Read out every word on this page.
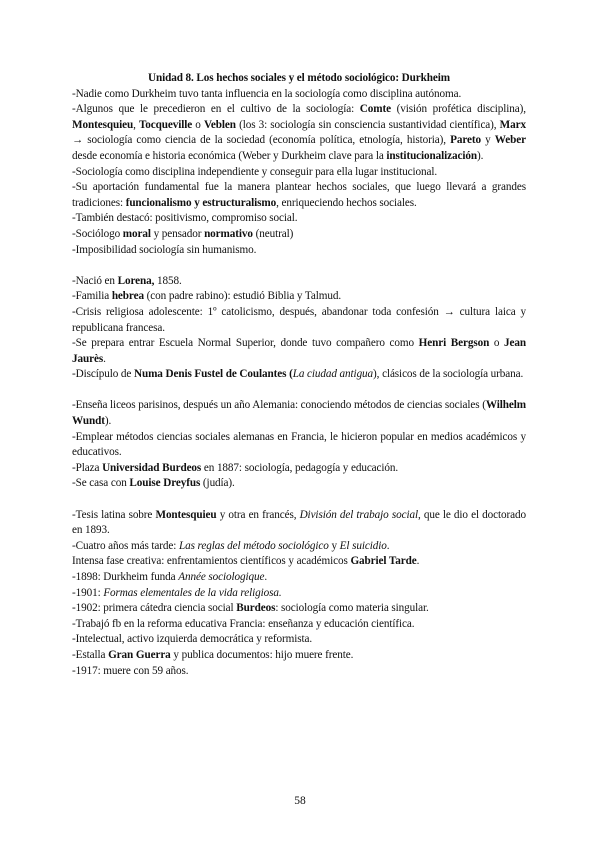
Unidad 8. Los hechos sociales y el método sociológico: Durkheim

-Nadie como Durkheim tuvo tanta influencia en la sociología como disciplina autónoma.

-Algunos que le precedieron en el cultivo de la sociología: Comte (visión profética disciplina), Montesquieu, Tocqueville o Veblen (los 3: sociología sin consciencia sustantividad científica), Marx → sociología como ciencia de la sociedad (economía política, etnología, historia), Pareto y Weber desde economía e historia económica (Weber y Durkheim clave para la institucionalización).

-Sociología como disciplina independiente y conseguir para ella lugar institucional.

-Su aportación fundamental fue la manera plantear hechos sociales, que luego llevará a grandes tradiciones: funcionalismo y estructuralismo, enriqueciendo hechos sociales.

-También destacó: positivismo, compromiso social.

-Sociólogo moral y pensador normativo (neutral)

-Imposibilidad sociología sin humanismo.

-Nació en Lorena, 1858.

-Familia hebrea (con padre rabino): estudió Biblia y Talmud.

-Crisis religiosa adolescente: 1º catolicismo, después, abandonar toda confesión → cultura laica y republicana francesa.

-Se prepara entrar Escuela Normal Superior, donde tuvo compañero como Henri Bergson o Jean Jaurès.

-Discípulo de Numa Denis Fustel de Coulantes (La ciudad antigua), clásicos de la sociología urbana.

-Enseña liceos parisinos, después un año Alemania: conociendo métodos de ciencias sociales (Wilhelm Wundt).

-Emplear métodos ciencias sociales alemanas en Francia, le hicieron popular en medios académicos y educativos.

-Plaza Universidad Burdeos en 1887: sociología, pedagogía y educación.

-Se casa con Louise Dreyfus (judía).

-Tesis latina sobre Montesquieu y otra en francés, División del trabajo social, que le dio el doctorado en 1893.

-Cuatro años más tarde: Las reglas del método sociológico y El suicidio.

Intensa fase creativa: enfrentamientos científicos y académicos Gabriel Tarde.

-1898: Durkheim funda Année sociologique.

-1901: Formas elementales de la vida religiosa.

-1902: primera cátedra ciencia social Burdeos: sociología como materia singular.

-Trabajó fb en la reforma educativa Francia: enseñanza y educación científica.

-Intelectual, activo izquierda democrática y reformista.

-Estalla Gran Guerra y publica documentos: hijo muere frente.

-1917: muere con 59 años.

58
